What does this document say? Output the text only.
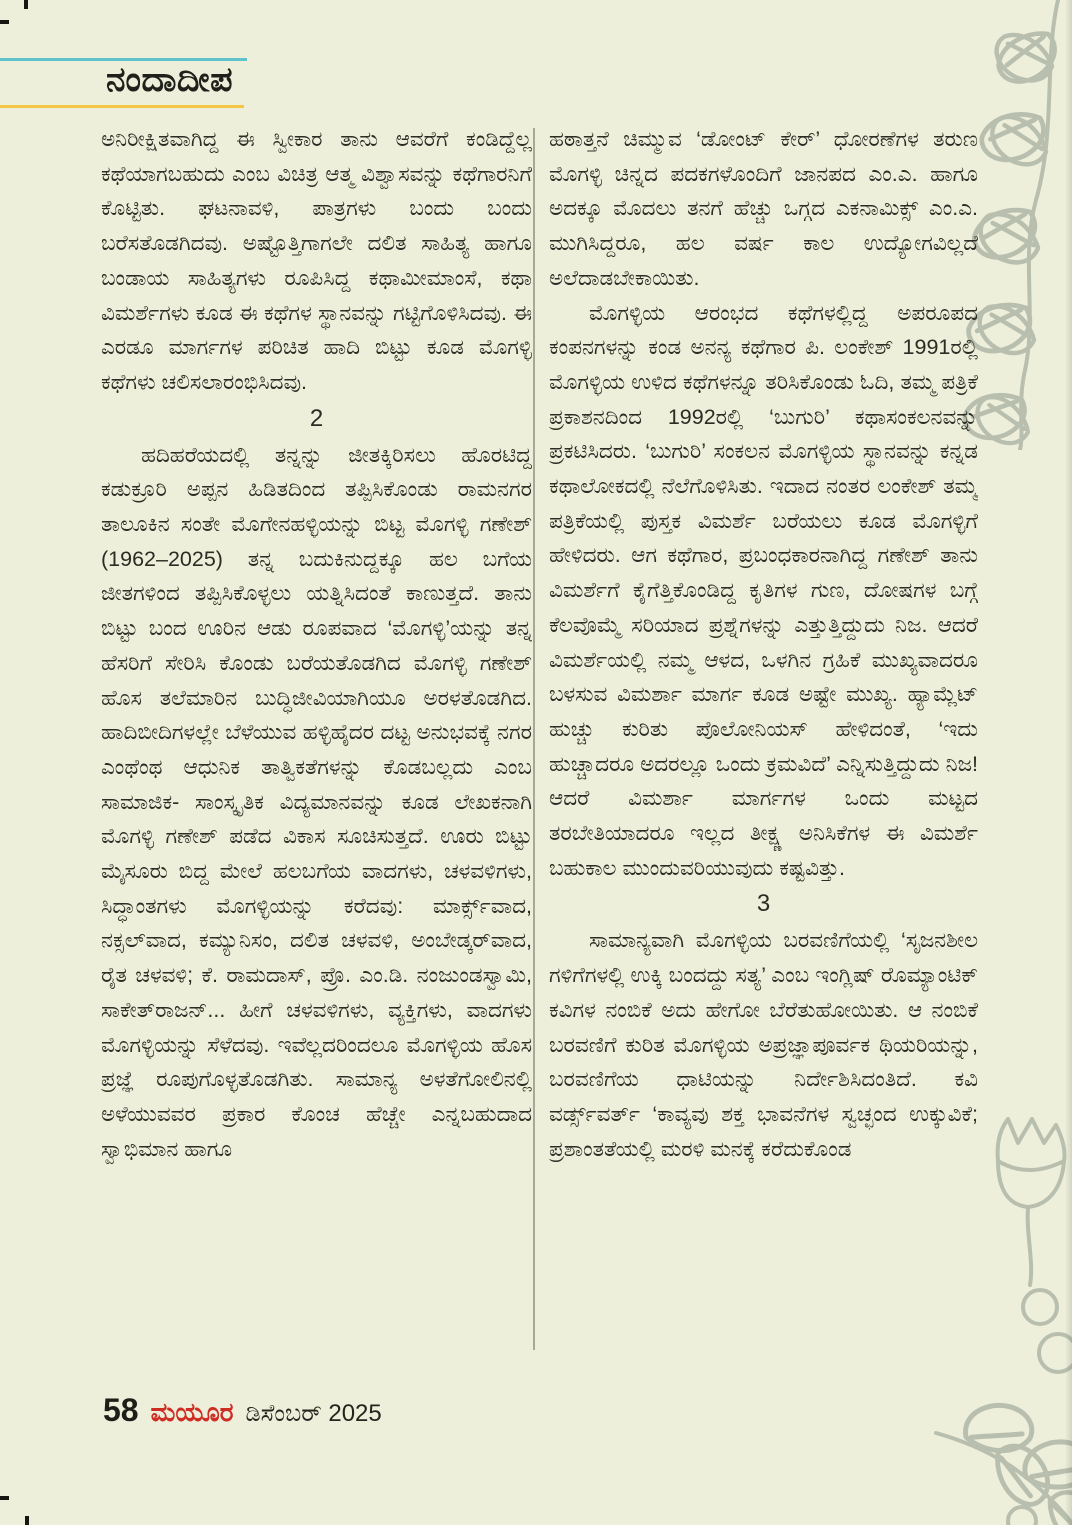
ನಂದಾದೀಪ

ಅನಿರೀಕ್ಷಿತವಾಗಿದ್ದ ಈ ಸ್ವೀಕಾರ ತಾನು ಆವರೆಗೆ ಕಂಡಿದ್ದೆಲ್ಲ ಕಥೆಯಾಗಬಹುದು ಎಂಬ ವಿಚಿತ್ರ ಆತ್ಮ ವಿಶ್ವಾಸವನ್ನು ಕಥೆಗಾರನಿಗೆ ಕೊಟ್ಟಿತು. ಘಟನಾವಳಿ, ಪಾತ್ರಗಳು ಬಂದು ಬಂದು ಬರೆಸತೊಡಗಿದವು. ಅಷ್ಟೊತ್ತಿಗಾಗಲೇ ದಲಿತ ಸಾಹಿತ್ಯ ಹಾಗೂ ಬಂಡಾಯ ಸಾಹಿತ್ಯಗಳು ರೂಪಿಸಿದ್ದ ಕಥಾಮೀಮಾಂಸೆ, ಕಥಾ ವಿಮರ್ಶೆಗಳು ಕೂಡ ಈ ಕಥೆಗಳ ಸ್ಥಾನವನ್ನು ಗಟ್ಟಿಗೊಳಿಸಿದವು. ಈ ಎರಡೂ ಮಾರ್ಗಗಳ ಪರಿಚಿತ ಹಾದಿ ಬಿಟ್ಟು ಕೂಡ ಮೊಗಳ್ಳಿ ಕಥೆಗಳು ಚಲಿಸಲಾರಂಭಿಸಿದವು.

2

ಹದಿಹರೆಯದಲ್ಲಿ ತನ್ನನ್ನು ಜೀತಕ್ಕಿರಿಸಲು ಹೊರಟಿದ್ದ ಕಡುಕ್ರೂರಿ ಅಪ್ಪನ ಹಿಡಿತದಿಂದ ತಪ್ಪಿಸಿಕೊಂಡು ರಾಮನಗರ ತಾಲೂಕಿನ ಸಂತೇ ಮೊಗೇನಹಳ್ಳಿಯನ್ನು ಬಿಟ್ಟ ಮೊಗಳ್ಳಿ ಗಣೇಶ್ (1962–2025) ತನ್ನ ಬದುಕಿನುದ್ದಕ್ಕೂ ಹಲ ಬಗೆಯ ಜೀತಗಳಿಂದ ತಪ್ಪಿಸಿಕೊಳ್ಳಲು ಯತ್ನಿಸಿದಂತೆ ಕಾಣುತ್ತದೆ. ತಾನು ಬಿಟ್ಟು ಬಂದ ಊರಿನ ಆಡು ರೂಪವಾದ ‘ಮೊಗಳ್ಳಿ’ಯನ್ನು ತನ್ನ ಹೆಸರಿಗೆ ಸೇರಿಸಿ ಕೊಂಡು ಬರೆಯತೊಡಗಿದ ಮೊಗಳ್ಳಿ ಗಣೇಶ್ ಹೊಸ ತಲೆಮಾರಿನ ಬುದ್ಧಿಜೀವಿಯಾಗಿಯೂ ಅರಳತೊಡಗಿದ. ಹಾದಿಬೀದಿಗಳಲ್ಲೇ ಬೆಳೆಯುವ ಹಳ್ಳಿಹೈದರ ದಟ್ಟ ಅನುಭವಕ್ಕೆ ನಗರ ಎಂಥೆಂಥ ಆಧುನಿಕ ತಾತ್ವಿಕತೆಗಳನ್ನು ಕೊಡಬಲ್ಲದು ಎಂಬ ಸಾಮಾಜಿಕ- ಸಾಂಸ್ಕೃತಿಕ ವಿದ್ಯಮಾನವನ್ನು ಕೂಡ ಲೇಖಕನಾಗಿ ಮೊಗಳ್ಳಿ ಗಣೇಶ್ ಪಡೆದ ವಿಕಾಸ ಸೂಚಿಸುತ್ತದೆ. ಊರು ಬಿಟ್ಟು ಮೈಸೂರು ಬಿದ್ದ ಮೇಲೆ ಹಲಬಗೆಯ ವಾದಗಳು, ಚಳವಳಿಗಳು, ಸಿದ್ಧಾಂತಗಳು ಮೊಗಳ್ಳಿಯನ್ನು ಕರೆದವು: ಮಾರ್ಕ್ಸ್‌ವಾದ, ನಕ್ಸಲ್‌ವಾದ, ಕಮ್ಯುನಿಸಂ, ದಲಿತ ಚಳವಳಿ, ಅಂಬೇಡ್ಕರ್‌ವಾದ, ರೈತ ಚಳವಳಿ; ಕೆ. ರಾಮದಾಸ್, ಪ್ರೊ. ಎಂ.ಡಿ. ನಂಜುಂಡಸ್ವಾಮಿ, ಸಾಕೇತ್‌ರಾಜನ್... ಹೀಗೆ ಚಳವಳಿಗಳು, ವ್ಯಕ್ತಿಗಳು, ವಾದಗಳು ಮೊಗಳ್ಳಿಯನ್ನು ಸೆಳೆದವು. ಇವೆಲ್ಲದರಿಂದಲೂ ಮೊಗಳ್ಳಿಯ ಹೊಸ ಪ್ರಜ್ಞೆ ರೂಪುಗೊಳ್ಳತೊಡಗಿತು. ಸಾಮಾನ್ಯ ಅಳತೆಗೋಲಿನಲ್ಲಿ ಅಳೆಯುವವರ ಪ್ರಕಾರ ಕೊಂಚ ಹೆಚ್ಚೇ ಎನ್ನಬಹುದಾದ ಸ್ವಾಭಿಮಾನ ಹಾಗೂ

ಹಠಾತ್ತನೆ ಚಿಮ್ಮುವ ‘ಡೋಂಟ್ ಕೇರ್’ ಧೋರಣೆಗಳ ತರುಣ ಮೊಗಳ್ಳಿ ಚಿನ್ನದ ಪದಕಗಳೊಂದಿಗೆ ಜಾನಪದ ಎಂ.ಎ. ಹಾಗೂ ಅದಕ್ಕೂ ಮೊದಲು ತನಗೆ ಹೆಚ್ಚು ಒಗ್ಗದ ಎಕನಾಮಿಕ್ಸ್ ಎಂ.ಎ. ಮುಗಿಸಿದ್ದರೂ, ಹಲ ವರ್ಷ ಕಾಲ ಉದ್ಯೋಗವಿಲ್ಲದೆ ಅಲೆದಾಡಬೇಕಾಯಿತು.

ಮೊಗಳ್ಳಿಯ ಆರಂಭದ ಕಥೆಗಳಲ್ಲಿದ್ದ ಅಪರೂಪದ ಕಂಪನಗಳನ್ನು ಕಂಡ ಅನನ್ಯ ಕಥೆಗಾರ ಪಿ. ಲಂಕೇಶ್ 1991ರಲ್ಲಿ ಮೊಗಳ್ಳಿಯ ಉಳಿದ ಕಥೆಗಳನ್ನೂ ತರಿಸಿಕೊಂಡು ಓದಿ, ತಮ್ಮ ಪತ್ರಿಕೆ ಪ್ರಕಾಶನದಿಂದ 1992ರಲ್ಲಿ ‘ಬುಗುರಿ’ ಕಥಾಸಂಕಲನವನ್ನು ಪ್ರಕಟಿಸಿದರು. ‘ಬುಗುರಿ’ ಸಂಕಲನ ಮೊಗಳ್ಳಿಯ ಸ್ಥಾನವನ್ನು ಕನ್ನಡ ಕಥಾಲೋಕದಲ್ಲಿ ನೆಲೆಗೊಳಿಸಿತು. ಇದಾದ ನಂತರ ಲಂಕೇಶ್ ತಮ್ಮ ಪತ್ರಿಕೆಯಲ್ಲಿ ಪುಸ್ತಕ ವಿಮರ್ಶೆ ಬರೆಯಲು ಕೂಡ ಮೊಗಳ್ಳಿಗೆ ಹೇಳಿದರು. ಆಗ ಕಥೆಗಾರ, ಪ್ರಬಂಧಕಾರನಾಗಿದ್ದ ಗಣೇಶ್ ತಾನು ವಿಮರ್ಶೆಗೆ ಕೈಗೆತ್ತಿಕೊಂಡಿದ್ದ ಕೃತಿಗಳ ಗುಣ, ದೋಷಗಳ ಬಗ್ಗೆ ಕೆಲವೊಮ್ಮೆ ಸರಿಯಾದ ಪ್ರಶ್ನೆಗಳನ್ನು ಎತ್ತುತ್ತಿದ್ದುದು ನಿಜ. ಆದರೆ ವಿಮರ್ಶೆಯಲ್ಲಿ ನಮ್ಮ ಆಳದ, ಒಳಗಿನ ಗ್ರಹಿಕೆ ಮುಖ್ಯವಾದರೂ ಬಳಸುವ ವಿಮರ್ಶಾ ಮಾರ್ಗ ಕೂಡ ಅಷ್ಟೇ ಮುಖ್ಯ. ಹ್ಯಾಮ್ಲೆಟ್ ಹುಚ್ಚು ಕುರಿತು ಪೊಲೋನಿಯಸ್ ಹೇಳಿದಂತೆ, ‘ಇದು ಹುಚ್ಚಾದರೂ ಅದರಲ್ಲೂ ಒಂದು ಕ್ರಮವಿದೆ’ ಎನ್ನಿಸುತ್ತಿದ್ದುದು ನಿಜ! ಆದರೆ ವಿಮರ್ಶಾ ಮಾರ್ಗಗಳ ಒಂದು ಮಟ್ಟದ ತರಬೇತಿಯಾದರೂ ಇಲ್ಲದ ತೀಕ್ಷ್ಣ ಅನಿಸಿಕೆಗಳ ಈ ವಿಮರ್ಶೆ ಬಹುಕಾಲ ಮುಂದುವರಿಯುವುದು ಕಷ್ಟವಿತ್ತು.

3

ಸಾಮಾನ್ಯವಾಗಿ ಮೊಗಳ್ಳಿಯ ಬರವಣಿಗೆಯಲ್ಲಿ ‘ಸೃಜನಶೀಲ ಗಳಿಗೆಗಳಲ್ಲಿ ಉಕ್ಕಿ ಬಂದದ್ದು ಸತ್ಯ’ ಎಂಬ ಇಂಗ್ಲಿಷ್ ರೊಮ್ಯಾಂಟಿಕ್ ಕವಿಗಳ ನಂಬಿಕೆ ಅದು ಹೇಗೋ ಬೆರೆತುಹೋಯಿತು. ಆ ನಂಬಿಕೆ ಬರವಣಿಗೆ ಕುರಿತ ಮೊಗಳ್ಳಿಯ ಅಪ್ರಜ್ಞಾಪೂರ್ವಕ ಥಿಯರಿಯನ್ನು, ಬರವಣಿಗೆಯ ಧಾಟಿಯನ್ನು ನಿರ್ದೇಶಿಸಿದಂತಿದೆ. ಕವಿ ವರ್ಡ್ಸ್‌ವರ್ತ್ ‘ಕಾವ್ಯವು ಶಕ್ತ ಭಾವನೆಗಳ ಸ್ವಚ್ಛಂದ ಉಕ್ಕುವಿಕೆ; ಪ್ರಶಾಂತತೆಯಲ್ಲಿ ಮರಳಿ ಮನಕ್ಕೆ ಕರೆದುಕೊಂಡ

58 ಮಯೂರ ಡಿಸೆಂಬರ್ 2025
